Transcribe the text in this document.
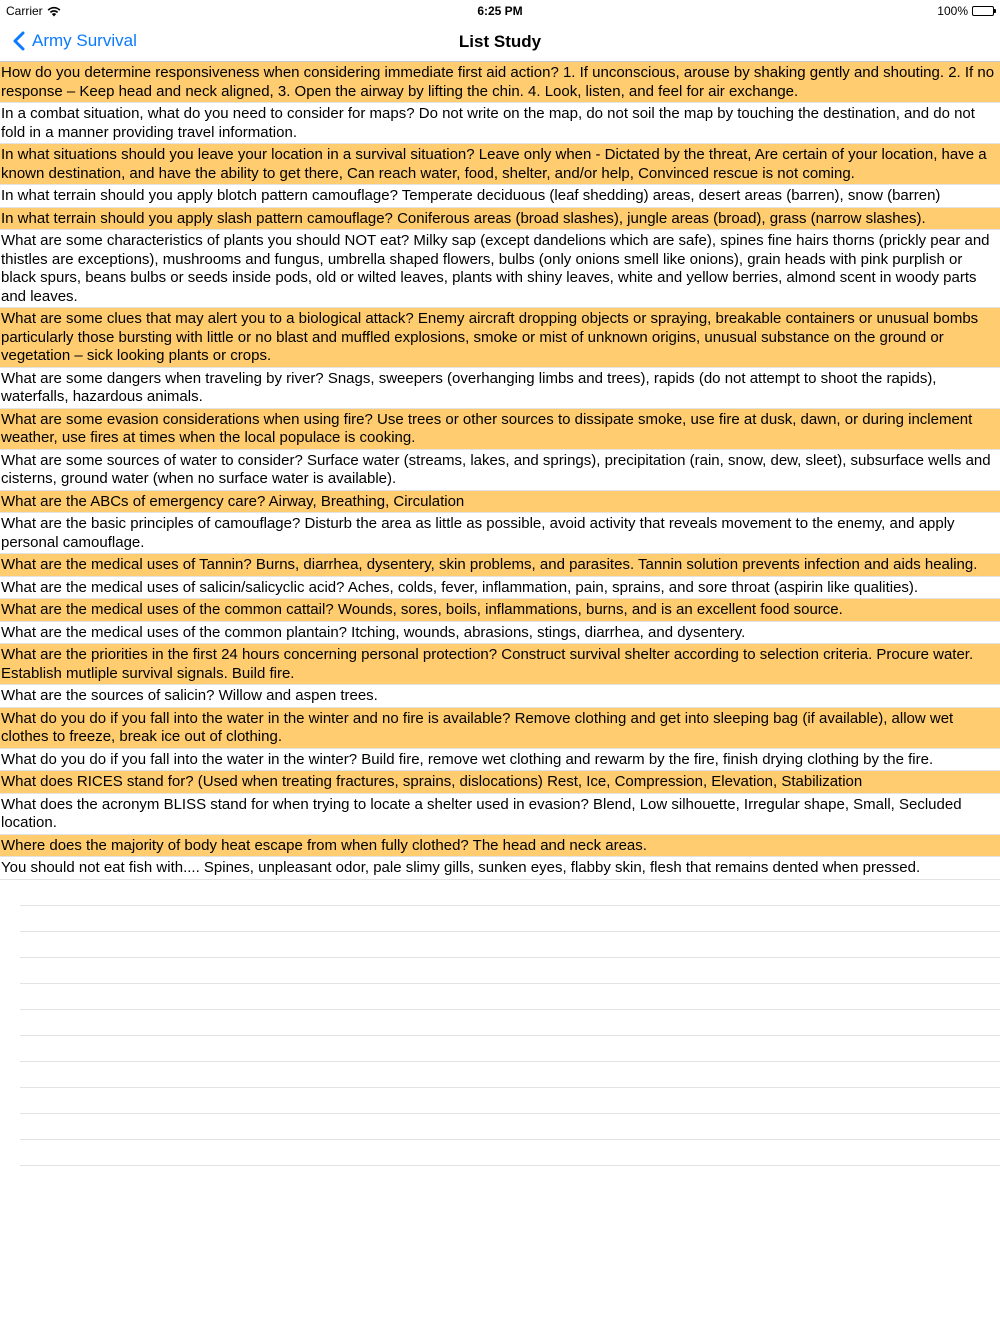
Carrier	6:25 PM	100%
Army Survival	List Study
How do you determine responsiveness when considering immediate first aid action? 1. If unconscious, arouse by shaking gently and shouting. 2. If no response – Keep head and neck aligned, 3. Open the airway by lifting the chin. 4. Look, listen, and feel for air exchange.
In a combat situation, what do you need to consider for maps? Do not write on the map, do not soil the map by touching the destination, and do not fold in a manner providing travel information.
In what situations should you leave your location in a survival situation? Leave only when - Dictated by the threat, Are certain of your location, have a known destination, and have the ability to get there, Can reach water, food, shelter, and/or help, Convinced rescue is not coming.
In what terrain should you apply blotch pattern camouflage? Temperate deciduous (leaf shedding) areas, desert areas (barren), snow (barren)
In what terrain should you apply slash pattern camouflage? Coniferous areas (broad slashes), jungle areas (broad), grass (narrow slashes).
What are some characteristics of plants you should NOT eat? Milky sap (except dandelions which are safe), spines fine hairs thorns (prickly pear and thistles are exceptions), mushrooms and fungus, umbrella shaped flowers, bulbs (only onions smell like onions), grain heads with pink purplish or black spurs, beans bulbs or seeds inside pods, old or wilted leaves, plants with shiny leaves, white and yellow berries, almond scent in woody parts and leaves.
What are some clues that may alert you to a biological attack? Enemy aircraft dropping objects or spraying, breakable containers or unusual bombs particularly those bursting with little or no blast and muffled explosions, smoke or mist of unknown origins, unusual substance on the ground or vegetation – sick looking plants or crops.
What are some dangers when traveling by river? Snags, sweepers (overhanging limbs and trees), rapids (do not attempt to shoot the rapids), waterfalls, hazardous animals.
What are some evasion considerations when using fire? Use trees or other sources to dissipate smoke, use fire at dusk, dawn, or during inclement weather, use fires at times when the local populace is cooking.
What are some sources of water to consider? Surface water (streams, lakes, and springs), precipitation (rain, snow, dew, sleet), subsurface wells and cisterns, ground water (when no surface water is available).
What are the ABCs of emergency care? Airway, Breathing, Circulation
What are the basic principles of camouflage? Disturb the area as little as possible, avoid activity that reveals movement to the enemy, and apply personal camouflage.
What are the medical uses of Tannin? Burns, diarrhea, dysentery, skin problems, and parasites. Tannin solution prevents infection and aids healing.
What are the medical uses of salicin/salicyclic acid? Aches, colds, fever, inflammation, pain, sprains, and sore throat (aspirin like qualities).
What are the medical uses of the common cattail? Wounds, sores, boils, inflammations, burns, and is an excellent food source.
What are the medical uses of the common plantain? Itching, wounds, abrasions, stings, diarrhea, and dysentery.
What are the priorities in the first 24 hours concerning personal protection? Construct survival shelter according to selection criteria. Procure water. Establish mutliple survival signals. Build fire.
What are the sources of salicin? Willow and aspen trees.
What do you do if you fall into the water in the winter and no fire is available? Remove clothing and get into sleeping bag (if available), allow wet clothes to freeze, break ice out of clothing.
What do you do if you fall into the water in the winter? Build fire, remove wet clothing and rewarm by the fire, finish drying clothing by the fire.
What does RICES stand for? (Used when treating fractures, sprains, dislocations) Rest, Ice, Compression, Elevation, Stabilization
What does the acronym BLISS stand for when trying to locate a shelter used in evasion? Blend, Low silhouette, Irregular shape, Small, Secluded location.
Where does the majority of body heat escape from when fully clothed? The head and neck areas.
You should not eat fish with.... Spines, unpleasant odor, pale slimy gills, sunken eyes, flabby skin, flesh that remains dented when pressed.
